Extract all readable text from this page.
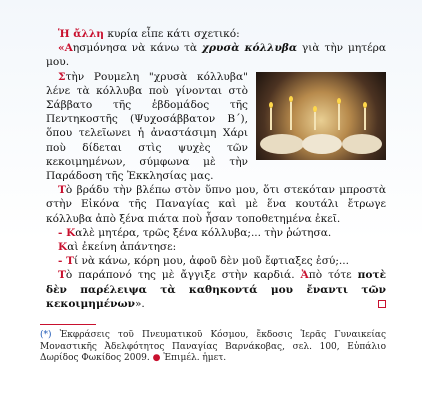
Ἡ ἄλλη κυρία εἶπε κάτι σχετικό:

«Αησμόνησα νὰ κάνω τὰ χρυσὰ κόλλυβα γιὰ τὴν μητέρα μου.

Στὴν Ρουμελη "χρυσὰ κόλλυβα" λένε τὰ κόλλυβα ποὺ γίνονται στὸ Σάββατο τῆς ἑβδομάδος τῆς Πεντηκοστῆς (Ψυχοσάββατον Β΄), ὅπου τελεῖωνει ἡ ἀναστάσιμη Χάρι ποὺ δίδεται στὶς ψυχὲς τῶν κεκοιμημένων, σύμφωνα μὲ τὴν Παράδοση τῆς Ἐκκλησίας μας.

Τὸ βράδυ τὴν βλέπω στὸν ὕπνο μου, ὅτι στεκόταν μπροστὰ στὴν Εἰκόνα τῆς Παναγίας καὶ μὲ ἕνα κουτάλι ἔτρωγε κόλλυβα ἀπὸ ξένα πιάτα ποὺ ἦσαν τοποθετημένα ἐκεῖ.

- Καλὲ μητέρα, τρῶς ξένα κόλλυβα;... τὴν ῥώτησα.

Καὶ ἐκείνη ἀπάντησε:

- Τί νὰ κάνω, κόρη μου, ἀφοῦ δὲν μοῦ ἔφτιαξες ἐσύ;...

Τὸ παράπονό της μὲ ἄγγιξε στὴν καρδιά. Ἀπὸ τότε ποτὲ δὲν παρέλειψα τὰ καθηκοντά μου ἔναντι τῶν κεκοιμημένων».

(*) Ἐκφράσεις τοῦ Πνευματικοῦ Κόσμου, ἔκδοσις Ἱερᾶς Γυναικείας Μοναστικῆς Ἀδελφότητος Παναγίας Βαρνάκοβας, σελ. 100, Εὐπάλιο Δωρίδος Φωκίδος 2009. ● Ἐπιμέλ. ἡμετ.
